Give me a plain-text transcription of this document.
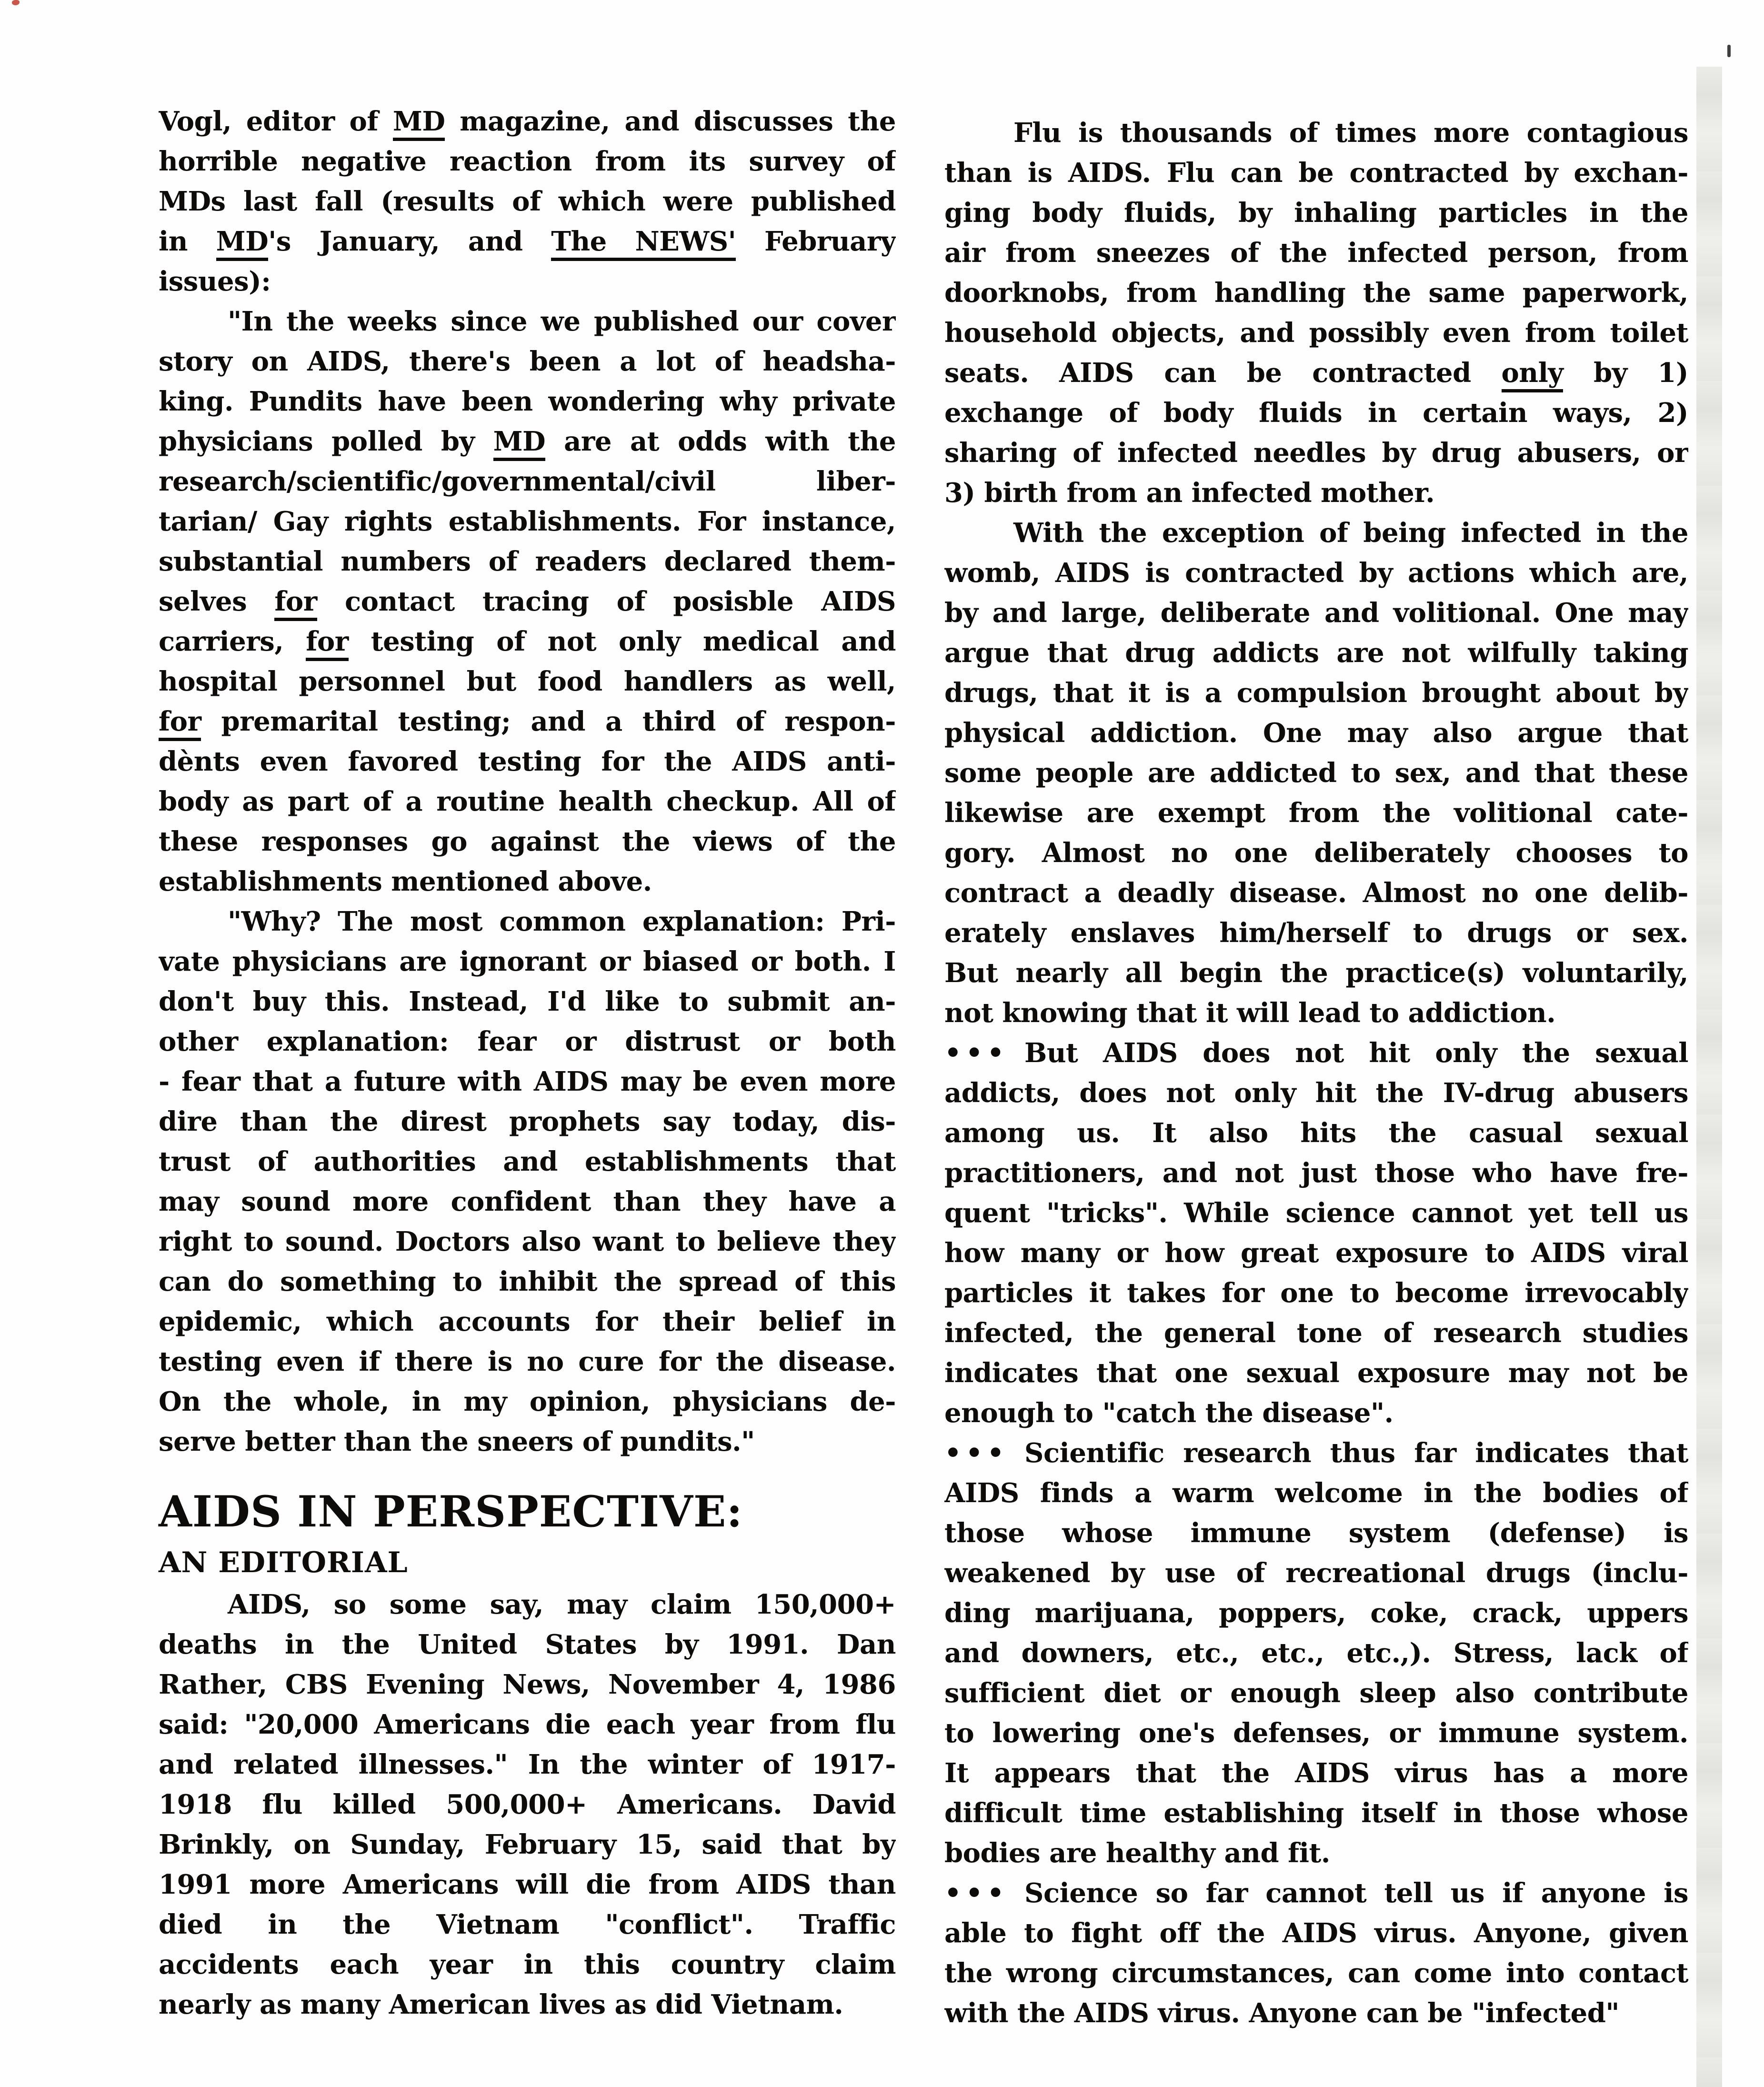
Vogl, editor of MD magazine, and discusses the
horrible negative reaction from its survey of
MDs last fall (results of which were published
in MD's January, and The NEWS' February
issues):
"In the weeks since we published our cover
story on AIDS, there's been a lot of headsha-
king. Pundits have been wondering why private
physicians polled by MD are at odds with the
research/scientific/governmental/civil liber-
tarian/ Gay rights establishments. For instance,
substantial numbers of readers declared them-
selves for contact tracing of posisble AIDS
carriers, for testing of not only medical and
hospital personnel but food handlers as well,
for premarital testing; and a third of respon-
dènts even favored testing for the AIDS anti-
body as part of a routine health checkup. All of
these responses go against the views of the
establishments mentioned above.
"Why? The most common explanation: Pri-
vate physicians are ignorant or biased or both. I
don't buy this. Instead, I'd like to submit an-
other explanation: fear or distrust or both
- fear that a future with AIDS may be even more
dire than the direst prophets say today, dis-
trust of authorities and establishments that
may sound more confident than they have a
right to sound. Doctors also want to believe they
can do something to inhibit the spread of this
epidemic, which accounts for their belief in
testing even if there is no cure for the disease.
On the whole, in my opinion, physicians de-
serve better than the sneers of pundits."
AIDS IN PERSPECTIVE:
AN EDITORIAL
AIDS, so some say, may claim 150,000+
deaths in the United States by 1991. Dan
Rather, CBS Evening News, November 4, 1986
said: "20,000 Americans die each year from flu
and related illnesses." In the winter of 1917-
1918 flu killed 500,000+ Americans. David
Brinkly, on Sunday, February 15, said that by
1991 more Americans will die from AIDS than
died in the Vietnam "conflict". Traffic
accidents each year in this country claim
nearly as many American lives as did Vietnam.
Flu is thousands of times more contagious
than is AIDS. Flu can be contracted by exchan-
ging body fluids, by inhaling particles in the
air from sneezes of the infected person, from
doorknobs, from handling the same paperwork,
household objects, and possibly even from toilet
seats. AIDS can be contracted only by 1)
exchange of body fluids in certain ways, 2)
sharing of infected needles by drug abusers, or
3) birth from an infected mother.
With the exception of being infected in the
womb, AIDS is contracted by actions which are,
by and large, deliberate and volitional. One may
argue that drug addicts are not wilfully taking
drugs, that it is a compulsion brought about by
physical addiction. One may also argue that
some people are addicted to sex, and that these
likewise are exempt from the volitional cate-
gory. Almost no one deliberately chooses to
contract a deadly disease. Almost no one delib-
erately enslaves him/herself to drugs or sex.
But nearly all begin the practice(s) voluntarily,
not knowing that it will lead to addiction.
••• But AIDS does not hit only the sexual
addicts, does not only hit the IV-drug abusers
among us. It also hits the casual sexual
practitioners, and not just those who have fre-
quent "tricks". While science cannot yet tell us
how many or how great exposure to AIDS viral
particles it takes for one to become irrevocably
infected, the general tone of research studies
indicates that one sexual exposure may not be
enough to "catch the disease".
••• Scientific research thus far indicates that
AIDS finds a warm welcome in the bodies of
those whose immune system (defense) is
weakened by use of recreational drugs (inclu-
ding marijuana, poppers, coke, crack, uppers
and downers, etc., etc., etc.,). Stress, lack of
sufficient diet or enough sleep also contribute
to lowering one's defenses, or immune system.
It appears that the AIDS virus has a more
difficult time establishing itself in those whose
bodies are healthy and fit.
••• Science so far cannot tell us if anyone is
able to fight off the AIDS virus. Anyone, given
the wrong circumstances, can come into contact
with the AIDS virus. Anyone can be "infected"
